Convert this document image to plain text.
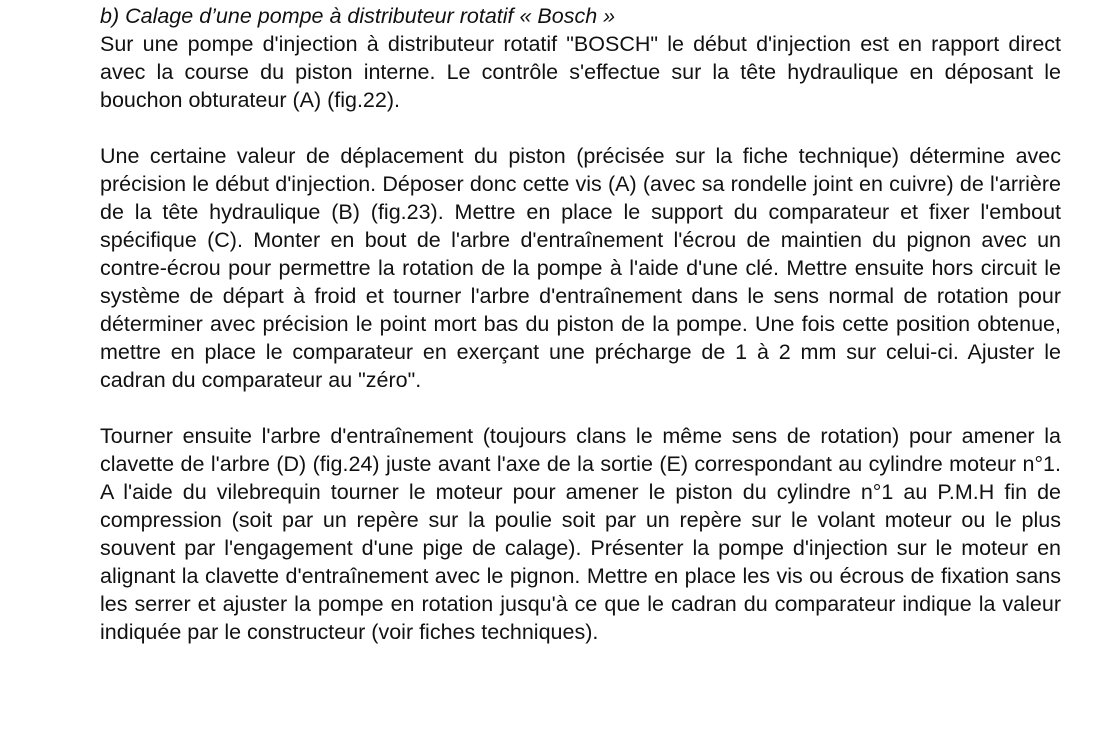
b) Calage d’une pompe à distributeur rotatif « Bosch »

Sur une pompe d'injection à distributeur rotatif "BOSCH" le début d'injection est en rapport direct avec la course du piston interne. Le contrôle s'effectue sur la tête hydraulique en déposant le bouchon obturateur (A) (fig.22).

Une certaine valeur de déplacement du piston (précisée sur la fiche technique) détermine avec précision le début d'injection. Déposer donc cette vis (A) (avec sa rondelle joint en cuivre) de l'arrière de la tête hydraulique (B) (fig.23). Mettre en place le support du comparateur et fixer l'embout spécifique (C). Monter en bout de l'arbre d'entraînement l'écrou de maintien du pignon avec un contre-écrou pour permettre la rotation de la pompe à l'aide d'une clé. Mettre ensuite hors circuit le système de départ à froid et tourner l'arbre d'entraînement dans le sens normal de rotation pour déterminer avec précision le point mort bas du piston de la pompe. Une fois cette position obtenue, mettre en place le comparateur en exerçant une précharge de 1 à 2 mm sur celui-ci. Ajuster le cadran du comparateur au "zéro".

Tourner ensuite l'arbre d'entraînement (toujours clans le même sens de rotation) pour amener la clavette de l'arbre (D) (fig.24) juste avant l'axe de la sortie (E) correspondant au cylindre moteur n°1. A l'aide du vilebrequin tourner le moteur pour amener le piston du cylindre n°1 au P.M.H fin de compression (soit par un repère sur la poulie soit par un repère sur le volant moteur ou le plus souvent par l'engagement d'une pige de calage). Présenter la pompe d'injection sur le moteur en alignant la clavette d'entraînement avec le pignon. Mettre en place les vis ou écrous de fixation sans les serrer et ajuster la pompe en rotation jusqu'à ce que le cadran du comparateur indique la valeur indiquée par le constructeur (voir fiches techniques).
